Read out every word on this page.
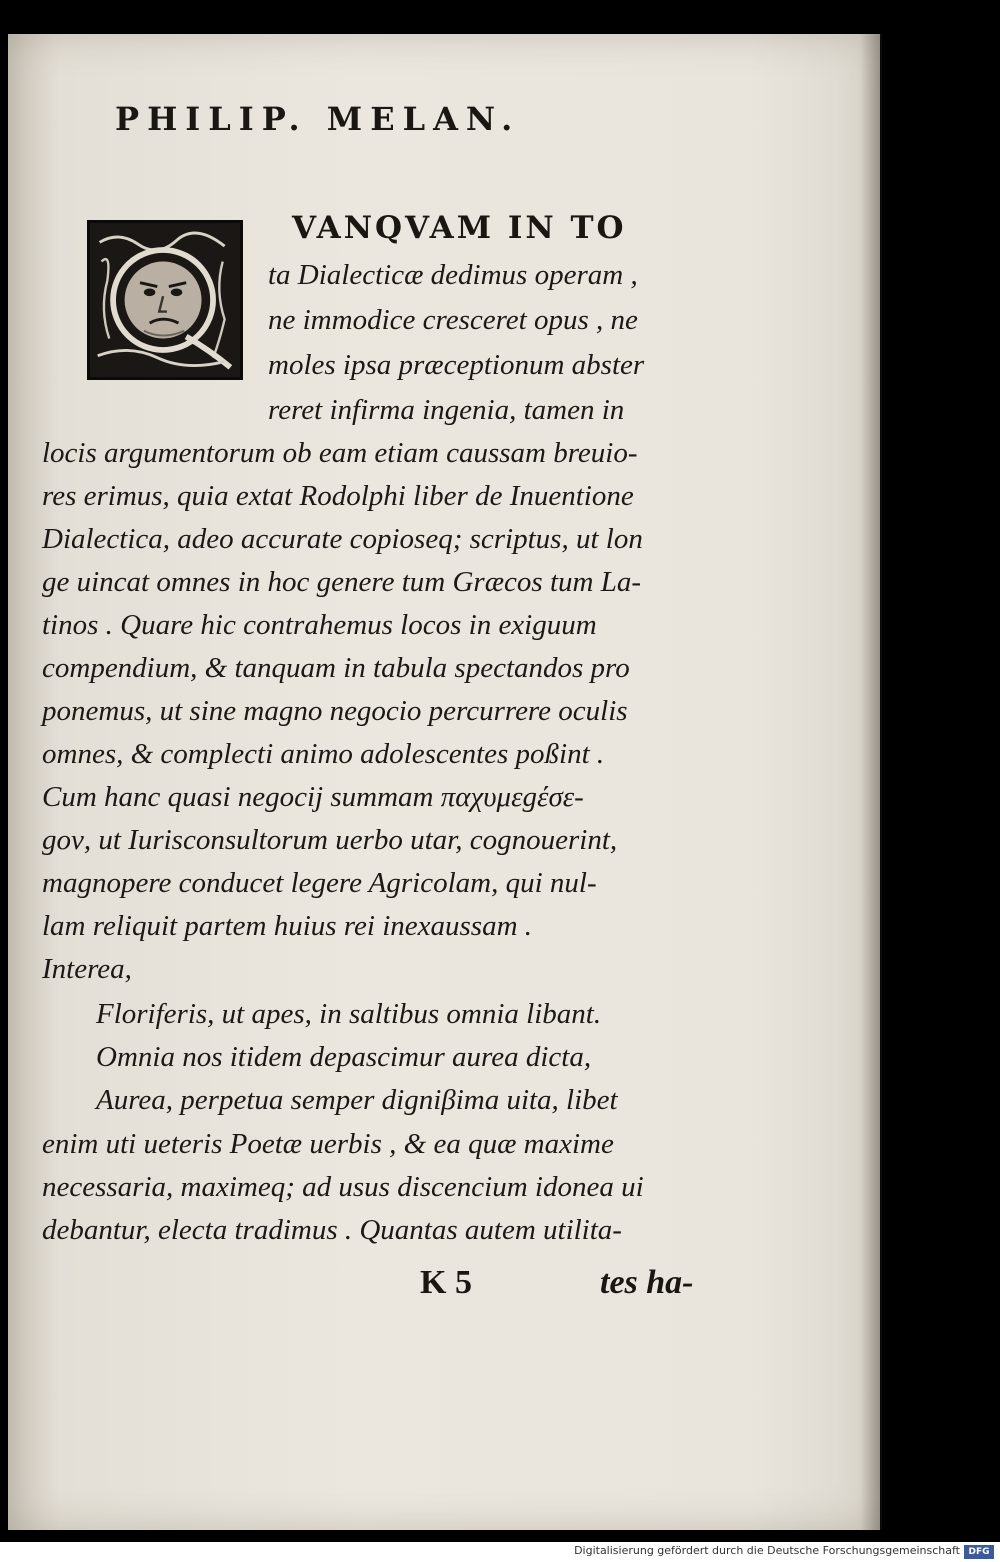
PHILIP. MELAN.
VANQVAM IN TO
ta Dialecticæ dedimus operam ,
ne immodice cresceret opus , ne
moles ipsa præceptionum abster
reret infirma ingenia, tamen in
locis argumentorum ob eam etiam caussam breuio-
res erimus, quia extat Rodolphi liber de Inuentione
Dialectica, adeo accurate copioseq; scriptus, ut lon
ge uincat omnes in hoc genere tum Græcos tum La-
tinos . Quare hic contrahemus locos in exiguum
compendium, & tanquam in tabula spectandos pro
ponemus, ut sine magno negocio percurrere oculis
omnes, & complecti animo adolescentes poßint .
Cum hanc quasi negocij summam παχυμεgέσε-
gον, ut Iurisconsultorum uerbo utar, cognouerint,
magnopere conducet legere Agricolam, qui nul-
lam reliquit partem huius rei inexaussam .
Interea,
Floriferis, ut apes, in saltibus omnia libant.
Omnia nos itidem depascimur aurea dicta,
Aurea, perpetua semper digniβima uita, libet
enim uti ueteris Poetæ uerbis , & ea quæ maxime
necessaria, maximeq; ad usus discencium idonea ui
debantur, electa tradimus . Quantas autem utilita-
K 5	tes ha-
Digitalisierung gefördert durch die Deutsche Forschungsgemeinschaft DFG
